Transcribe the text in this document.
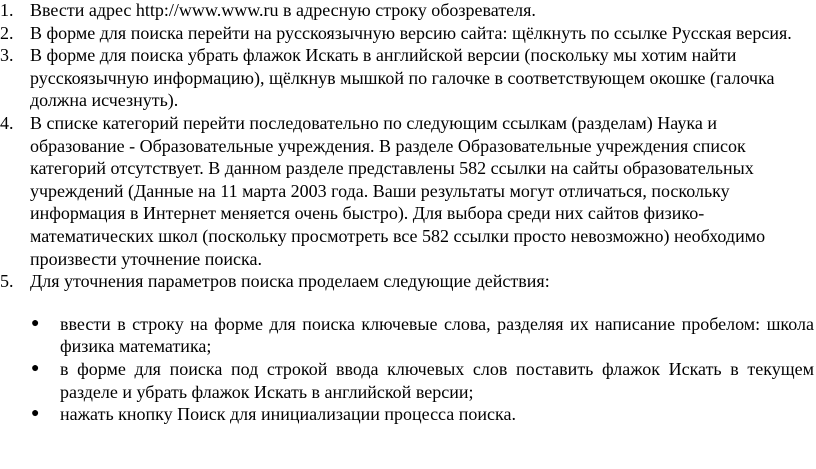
1. Ввести адрес http://www.www.ru в адресную строку обозревателя.
2. В форме для поиска перейти на русскоязычную версию сайта: щёлкнуть по ссылке Русская версия.
3. В форме для поиска убрать флажок Искать в английской версии (поскольку мы хотим найти русскоязычную информацию), щёлкнув мышкой по галочке в соответствующем окошке (галочка должна исчезнуть).
4. В списке категорий перейти последовательно по следующим ссылкам (разделам) Наука и образование - Образовательные учреждения. В разделе Образовательные учреждения список категорий отсутствует. В данном разделе представлены 582 ссылки на сайты образовательных учреждений (Данные на 11 марта 2003 года. Ваши результаты могут отличаться, поскольку информация в Интернет меняется очень быстро). Для выбора среди них сайтов физико-математических школ (поскольку просмотреть все 582 ссылки просто невозможно) необходимо произвести уточнение поиска.
5. Для уточнения параметров поиска проделаем следующие действия:
● ввести в строку на форме для поиска ключевые слова, разделяя их написание пробелом: школа физика математика;
● в форме для поиска под строкой ввода ключевых слов поставить флажок Искать в текущем разделе и убрать флажок Искать в английской версии;
● нажать кнопку Поиск для инициализации процесса поиска.
